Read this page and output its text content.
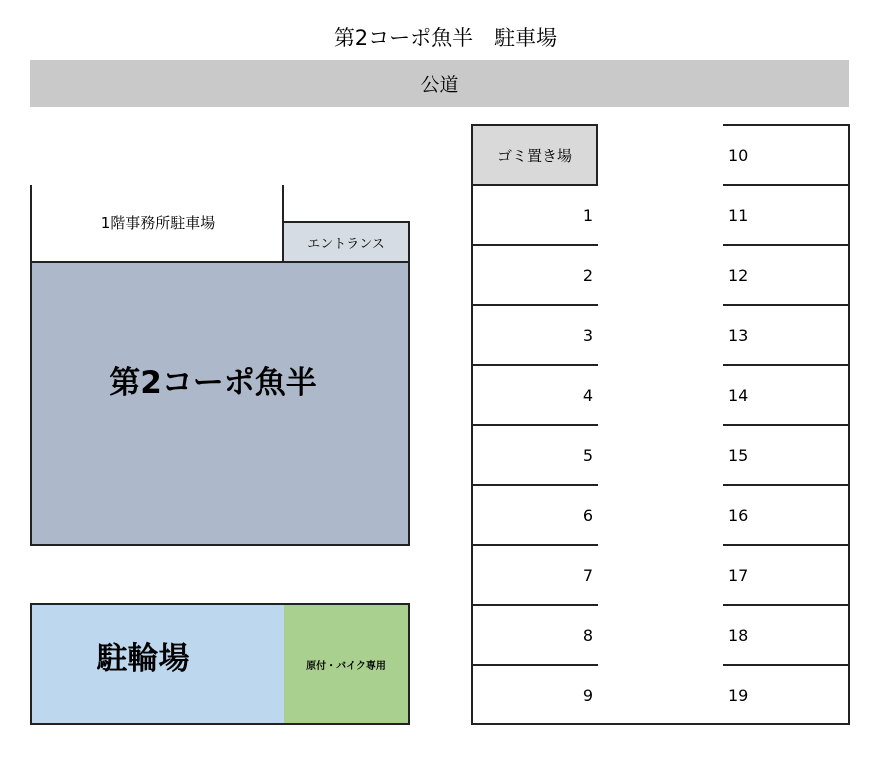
第2コーポ魚半　駐車場
公道
1階事務所駐車場
エントランス
第2コーポ魚半
駐輪場	原付・バイク専用
ゴミ置き場
1
2
3
4
5
6
7
8
9
10
11
12
13
14
15
16
17
18
19
